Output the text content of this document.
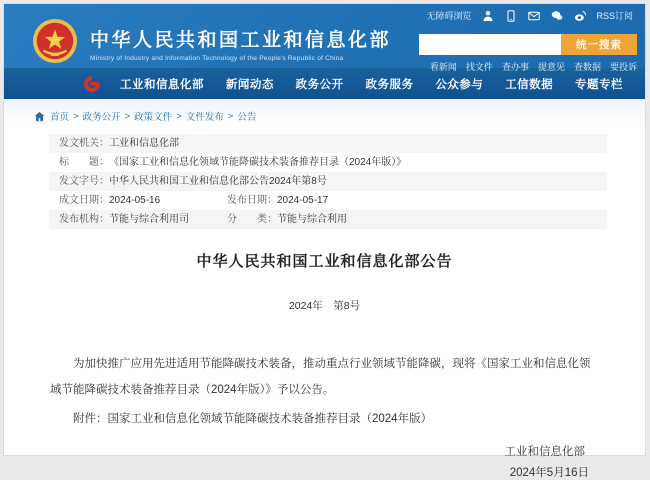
无障碍浏览	RSS订阅
中华人民共和国工业和信息化部
Ministry of Industry and Information Technology of the People's Republic of China
统一搜索
看新闻 找文件 查办事 提意见 查数据 要投诉
工业和信息化部 新闻动态 政务公开 政务服务 公众参与 工信数据 专题专栏
首页 > 政务公开 > 政策文件 > 文件发布 > 公告
发文机关： 工业和信息化部
标　　题： 《国家工业和信息化领域节能降碳技术装备推荐目录（2024年版）》
发文字号： 中华人民共和国工业和信息化部公告2024年第8号
成文日期： 2024-05-16	发布日期： 2024-05-17
发布机构： 节能与综合利用司	分　　类： 节能与综合利用
中华人民共和国工业和信息化部公告
2024年　第8号

为加快推广应用先进适用节能降碳技术装备，推动重点行业领域节能降碳，现将《国家工业和信息化领域节能降碳技术装备推荐目录（2024年版）》予以公告。

附件：国家工业和信息化领域节能降碳技术装备推荐目录（2024年版）

工业和信息化部
2024年5月16日
